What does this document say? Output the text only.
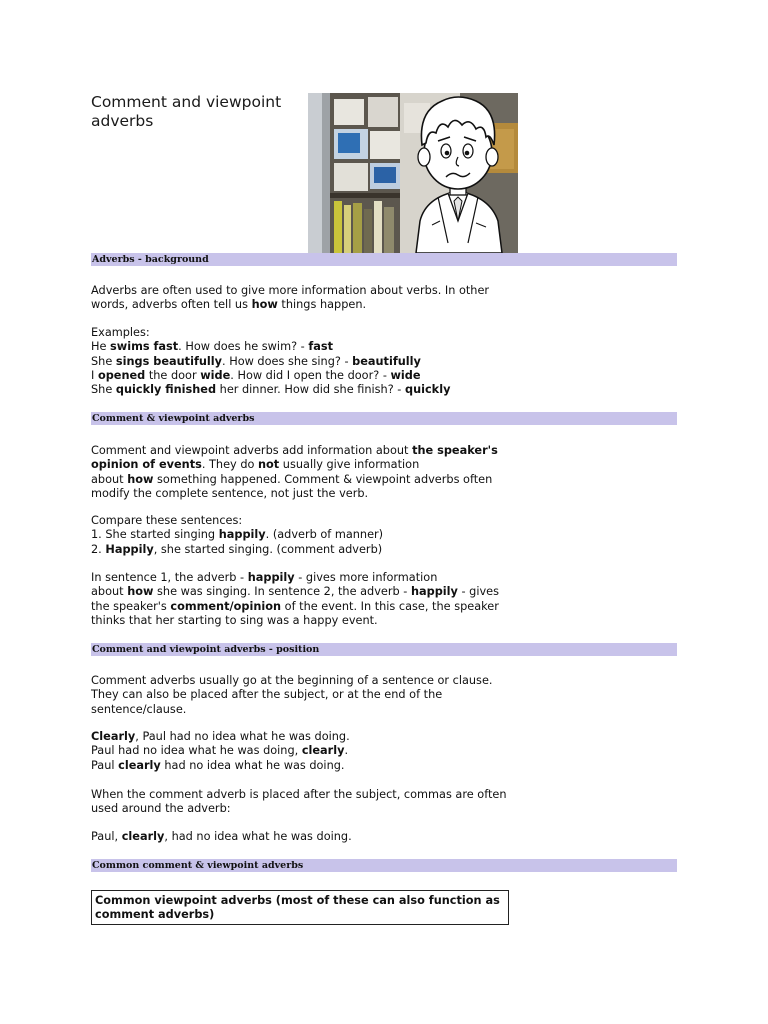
Comment and viewpoint adverbs
Adverbs - background
Adverbs are often used to give more information about verbs. In other
words, adverbs often tell us how things happen.
Examples:
He swims fast. How does he swim? - fast
She sings beautifully. How does she sing? - beautifully
I opened the door wide. How did I open the door? - wide
She quickly finished her dinner. How did she finish? - quickly
Comment & viewpoint adverbs
Comment and viewpoint adverbs add information about the speaker's
opinion of events. They do not usually give information
about how something happened. Comment & viewpoint adverbs often
modify the complete sentence, not just the verb.
Compare these sentences:
1. She started singing happily. (adverb of manner)
2. Happily, she started singing. (comment adverb)
In sentence 1, the adverb - happily - gives more information
about how she was singing. In sentence 2, the adverb - happily - gives
the speaker's comment/opinion of the event. In this case, the speaker
thinks that her starting to sing was a happy event.
Comment and viewpoint adverbs - position
Comment adverbs usually go at the beginning of a sentence or clause.
They can also be placed after the subject, or at the end of the
sentence/clause.
Clearly, Paul had no idea what he was doing.
Paul had no idea what he was doing, clearly.
Paul clearly had no idea what he was doing.
When the comment adverb is placed after the subject, commas are often
used around the adverb:
Paul, clearly, had no idea what he was doing.
Common comment & viewpoint adverbs
Common viewpoint adverbs (most of these can also function as comment adverbs)
